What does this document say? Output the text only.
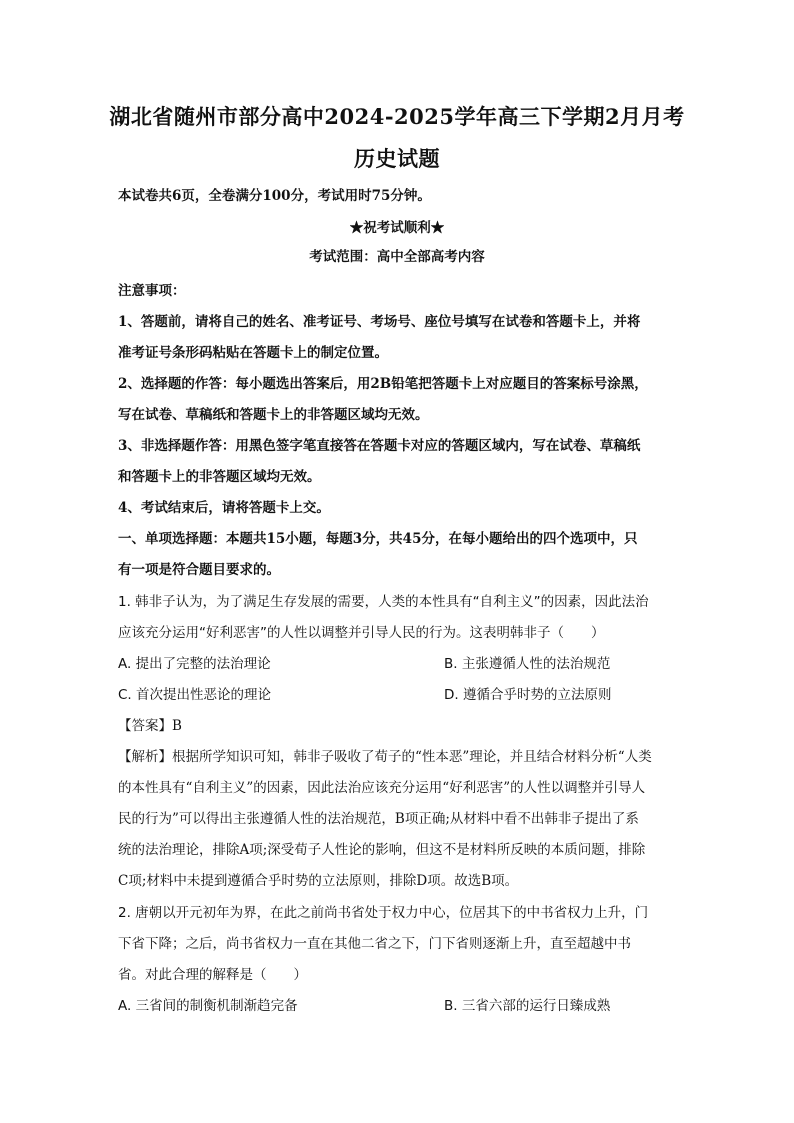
湖北省随州市部分高中2024-2025学年高三下学期2月月考
历史试题
本试卷共6页，全卷满分100分，考试用时75分钟。
★祝考试顺利★
考试范围：高中全部高考内容
注意事项：
1、答题前，请将自己的姓名、准考证号、考场号、座位号填写在试卷和答题卡上，并将
准考证号条形码粘贴在答题卡上的制定位置。
2、选择题的作答：每小题选出答案后，用2B铅笔把答题卡上对应题目的答案标号涂黑，
写在试卷、草稿纸和答题卡上的非答题区域均无效。
3、非选择题作答：用黑色签字笔直接答在答题卡对应的答题区域内，写在试卷、草稿纸
和答题卡上的非答题区域均无效。
4、考试结束后，请将答题卡上交。
一、单项选择题：本题共15小题，每题3分，共45分，在每小题给出的四个选项中，只
有一项是符合题目要求的。
1. 韩非子认为，为了满足生存发展的需要，人类的本性具有“自利主义”的因素，因此法治
应该充分运用“好利恶害”的人性以调整并引导人民的行为。这表明韩非子（　　）
A. 提出了完整的法治理论	B. 主张遵循人性的法治规范
C. 首次提出性恶论的理论	D. 遵循合乎时势的立法原则
【答案】B
【解析】根据所学知识可知，韩非子吸收了荀子的“性本恶”理论，并且结合材料分析“人类
的本性具有“自利主义”的因素，因此法治应该充分运用“好利恶害”的人性以调整并引导人
民的行为”可以得出主张遵循人性的法治规范，B项正确;从材料中看不出韩非子提出了系
统的法治理论，排除A项;深受荀子人性论的影响，但这不是材料所反映的本质问题，排除
C项;材料中未提到遵循合乎时势的立法原则，排除D项。故选B项。
2. 唐朝以开元初年为界，在此之前尚书省处于权力中心，位居其下的中书省权力上升，门
下省下降；之后，尚书省权力一直在其他二省之下，门下省则逐渐上升，直至超越中书
省。对此合理的解释是（　　）
A. 三省间的制衡机制渐趋完备	B. 三省六部的运行日臻成熟
